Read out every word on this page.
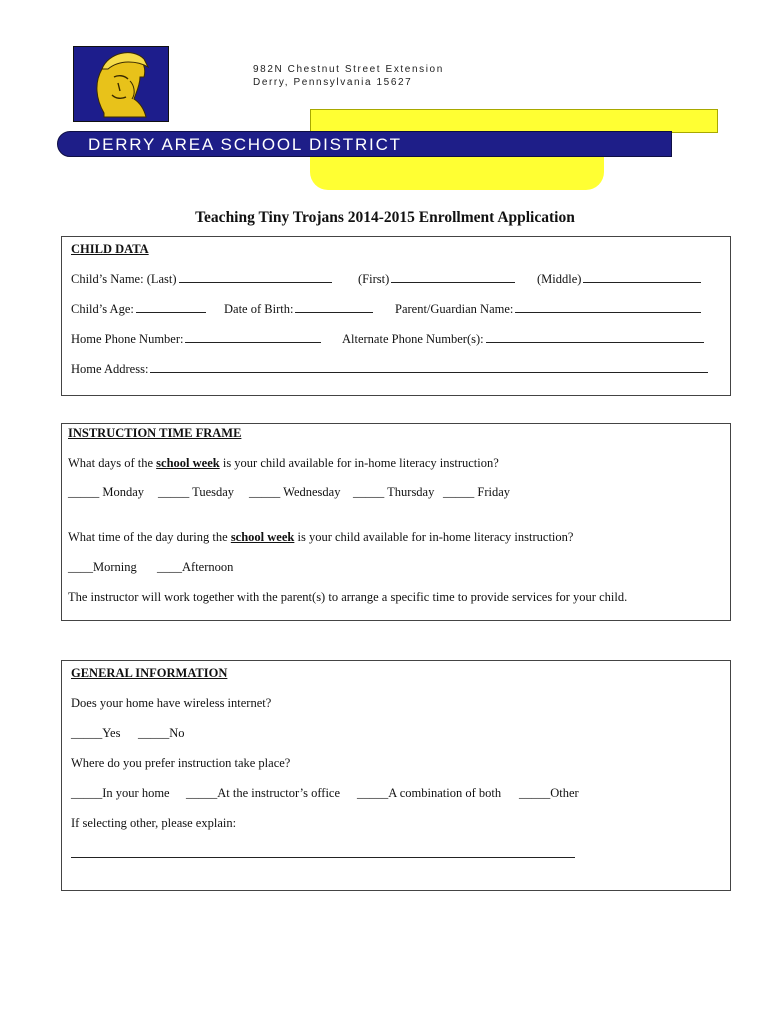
982N Chestnut Street Extension
Derry, Pennsylvania 15627
DERRY AREA SCHOOL DISTRICT
Teaching Tiny Trojans 2014-2015 Enrollment Application
CHILD DATA
Child’s Name: (Last)	(First)	(Middle)
Child’s Age:	Date of Birth:	Parent/Guardian Name:
Home Phone Number:	Alternate Phone Number(s):
Home Address:
INSTRUCTION TIME FRAME
What days of the school week is your child available for in-home literacy instruction?
_____ Monday _____ Tuesday _____ Wednesday _____ Thursday _____ Friday
What time of the day during the school week is your child available for in-home literacy instruction?
____Morning ____Afternoon
The instructor will work together with the parent(s) to arrange a specific time to provide services for your child.
GENERAL INFORMATION
Does your home have wireless internet?
_____Yes _____No
Where do you prefer instruction take place?
_____In your home _____At the instructor’s office _____A combination of both _____Other
If selecting other, please explain:
